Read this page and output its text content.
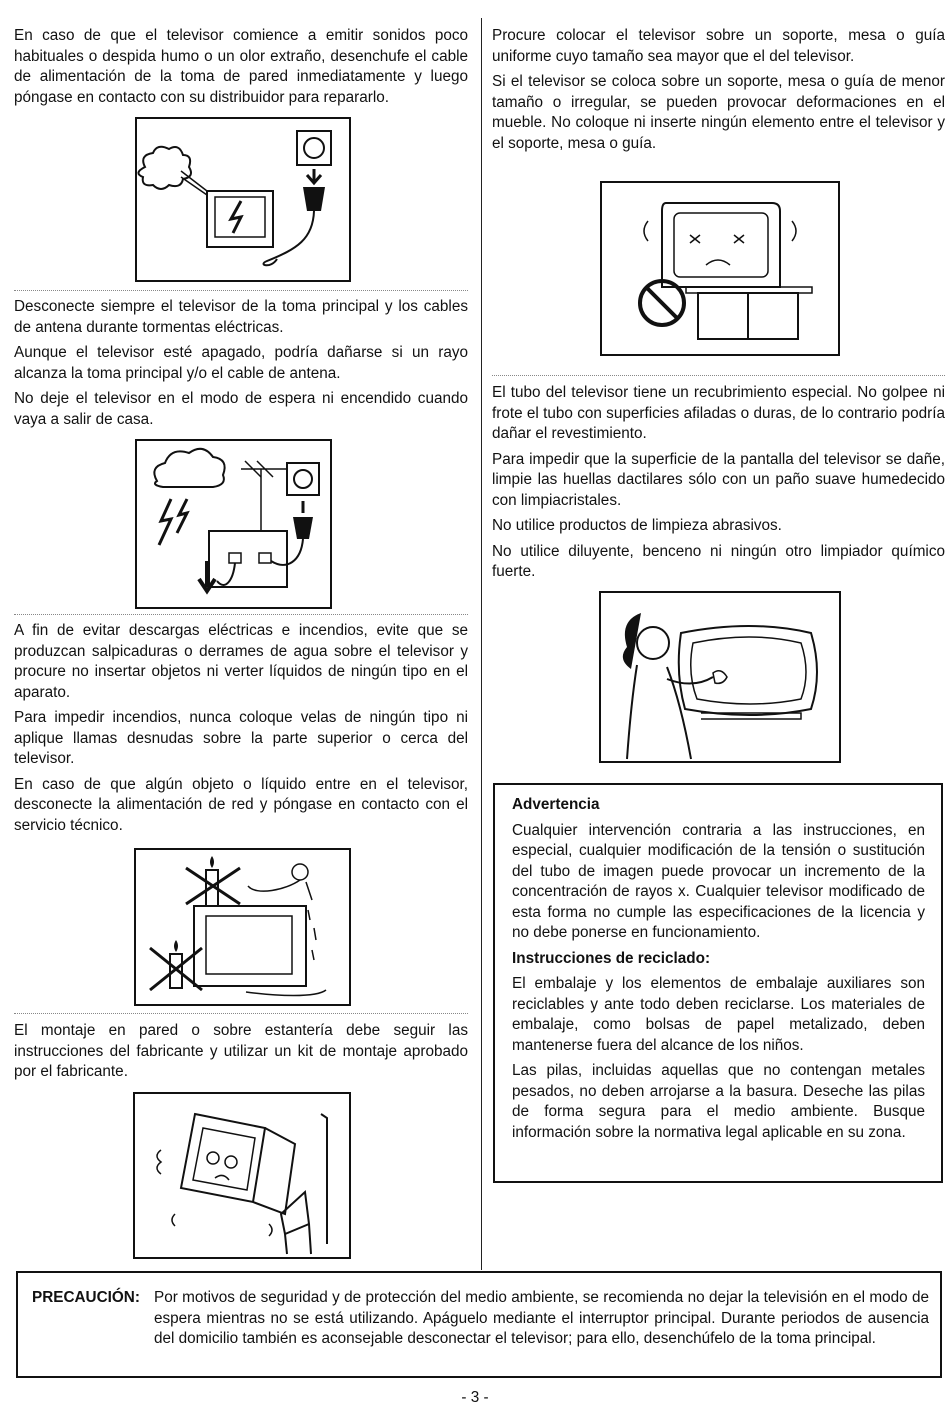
En caso de que el televisor comience a emitir sonidos poco habituales o despida humo o un olor extraño, desenchufe el cable de alimentación de la toma de pared inmediatamente y luego póngase en contacto con su distribuidor para repararlo.

Desconecte siempre el televisor de la toma principal y los cables de antena durante tormentas eléctricas.

Aunque el televisor esté apagado, podría dañarse si un rayo alcanza la toma principal y/o el cable de antena.

No deje el televisor en el modo de espera ni encendido cuando vaya a salir de casa.

A fin de evitar descargas eléctricas e incendios, evite que se produzcan salpicaduras o derrames de agua sobre el televisor y procure no insertar objetos ni verter líquidos de ningún tipo en el aparato.

Para impedir incendios, nunca coloque velas de ningún tipo ni aplique llamas desnudas sobre la parte superior o cerca del televisor.

En caso de que algún objeto o líquido entre en el televisor, desconecte la alimentación de red y póngase en contacto con el servicio técnico.

El montaje en pared o sobre estantería debe seguir las instrucciones del fabricante y utilizar un kit de montaje aprobado por el fabricante.

Procure colocar el televisor sobre un soporte, mesa o guía uniforme cuyo tamaño sea mayor que el del televisor.

Si el televisor se coloca sobre un soporte, mesa o guía de menor tamaño o irregular, se pueden provocar deformaciones en el mueble. No coloque ni inserte ningún elemento entre el televisor y el soporte, mesa o guía.

El tubo del televisor tiene un recubrimiento especial. No golpee ni frote el tubo con superficies afiladas o duras, de lo contrario podría dañar el revestimiento.

Para impedir que la superficie de la pantalla del televisor se dañe, limpie las huellas dactilares sólo con un paño suave humedecido con limpiacristales.

No utilice productos de limpieza abrasivos.

No utilice diluyente, benceno ni ningún otro limpiador químico fuerte.

Advertencia

Cualquier intervención contraria a las instrucciones, en especial, cualquier modificación de la tensión o sustitución del tubo de imagen puede provocar un incremento de la concentración de rayos x. Cualquier televisor modificado de esta forma no cumple las especificaciones de la licencia y no debe ponerse en funcionamiento.

Instrucciones de reciclado:

El embalaje y los elementos de embalaje auxiliares son reciclables y ante todo deben reciclarse. Los materiales de embalaje, como bolsas de papel metalizado, deben mantenerse fuera del alcance de los niños.

Las pilas, incluidas aquellas que no contengan metales pesados, no deben arrojarse a la basura. Deseche las pilas de forma segura para el medio ambiente. Busque información sobre la normativa legal aplicable en su zona.

PRECAUCIÓN: Por motivos de seguridad y de protección del medio ambiente, se recomienda no dejar la televisión en el modo de espera mientras no se está utilizando. Apáguelo mediante el interruptor principal. Durante periodos de ausencia del domicilio también es aconsejable desconectar el televisor; para ello, desenchúfelo de la toma principal.
- 3 -
